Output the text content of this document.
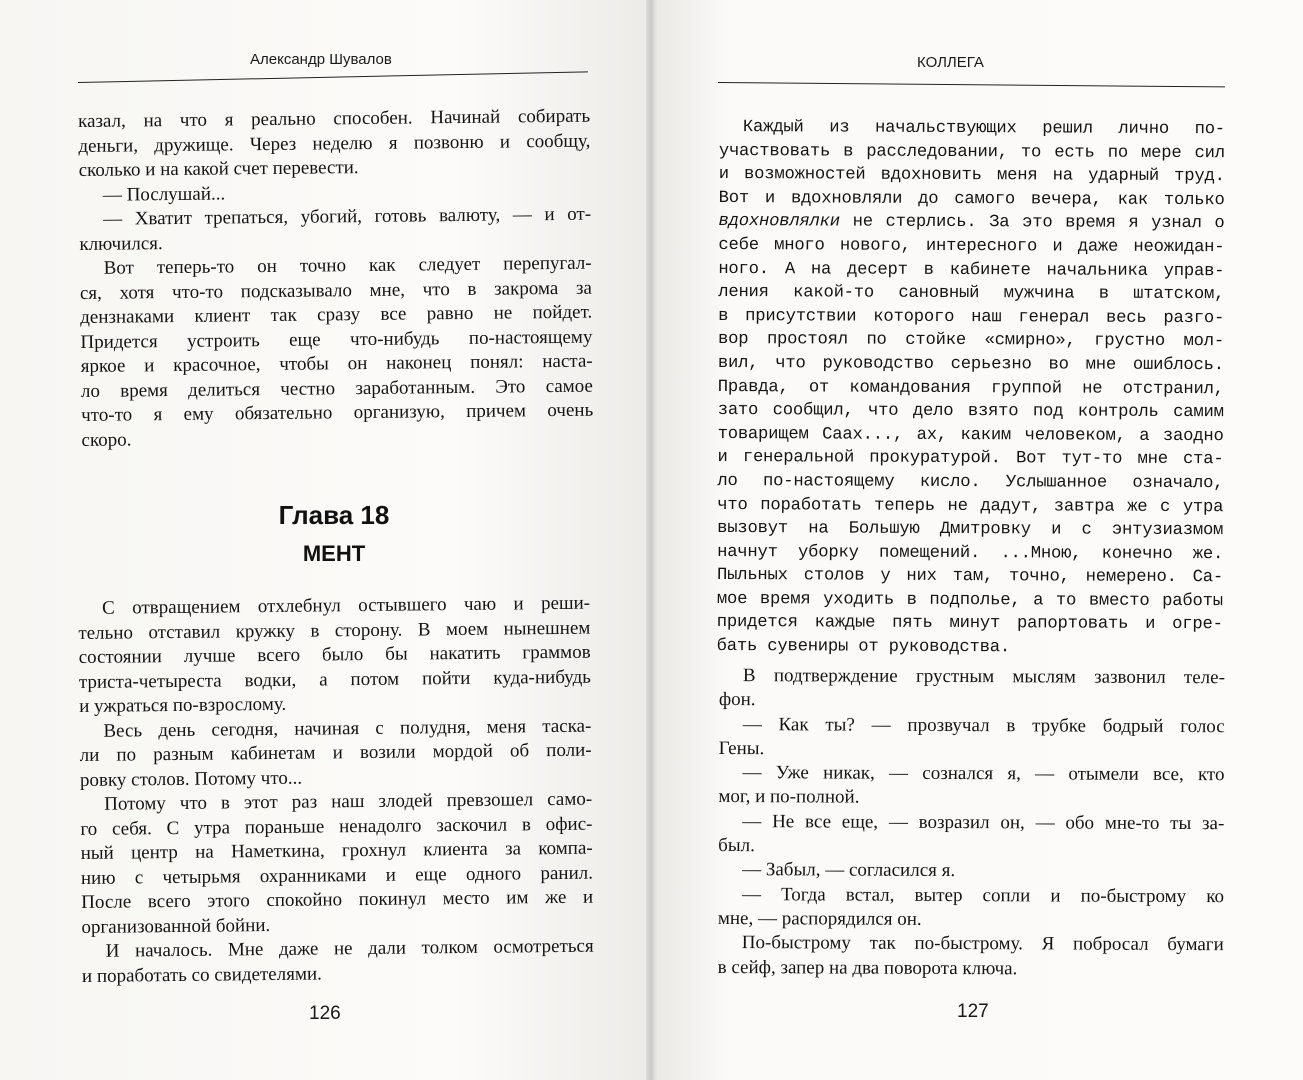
Александр Шувалов	КОЛЛЕГА
казал, на что я реально способен. Начинай собирать
деньги, дружище. Через неделю я позвоню и сообщу,
сколько и на какой счет перевести.
— Послушай...
— Хватит трепаться, убогий, готовь валюту, — и от-
ключился.
Вот теперь-то он точно как следует перепугал-
ся, хотя что-то подсказывало мне, что в закрома за
дензнаками клиент так сразу все равно не пойдет.
Придется устроить еще что-нибудь по-настоящему
яркое и красочное, чтобы он наконец понял: наста-
ло время делиться честно заработанным. Это самое
что-то я ему обязательно организую, причем очень
скоро.
Глава 18
МЕНТ
С отвращением отхлебнул остывшего чаю и реши-
тельно отставил кружку в сторону. В моем нынешнем
состоянии лучше всего было бы накатить граммов
триста-четыреста водки, а потом пойти куда-нибудь
и ужраться по-взрослому.
Весь день сегодня, начиная с полудня, меня таска-
ли по разным кабинетам и возили мордой об поли-
ровку столов. Потому что...
Потому что в этот раз наш злодей превзошел само-
го себя. С утра пораньше ненадолго заскочил в офис-
ный центр на Наметкина, грохнул клиента за компа-
нию с четырьмя охранниками и еще одного ранил.
После всего этого спокойно покинул место им же и
организованной бойни.
И началось. Мне даже не дали толком осмотреться
и поработать со свидетелями.
Каждый из начальствующих решил лично по-
участвовать в расследовании, то есть по мере сил
и возможностей вдохновить меня на ударный труд.
Вот и вдохновляли до самого вечера, как только
вдохновлялки не стерлись. За это время я узнал о
себе много нового, интересного и даже неожидан-
ного. А на десерт в кабинете начальника управ-
ления какой-то сановный мужчина в штатском,
в присутствии которого наш генерал весь разго-
вор простоял по стойке «смирно», грустно мол-
вил, что руководство серьезно во мне ошиблось.
Правда, от командования группой не отстранил,
зато сообщил, что дело взято под контроль самим
товарищем Саах..., ах, каким человеком, а заодно
и генеральной прокуратурой. Вот тут-то мне ста-
ло по-настоящему кисло. Услышанное означало,
что поработать теперь не дадут, завтра же с утра
вызовут на Большую Дмитровку и с энтузиазмом
начнут уборку помещений. ...Мною, конечно же.
Пыльных столов у них там, точно, немерено. Са-
мое время уходить в подполье, а то вместо работы
придется каждые пять минут рапортовать и огре-
бать сувениры от руководства.
В подтверждение грустным мыслям зазвонил теле-
фон.
— Как ты? — прозвучал в трубке бодрый голос
Гены.
— Уже никак, — сознался я, — отымели все, кто
мог, и по-полной.
— Не все еще, — возразил он, — обо мне-то ты за-
был.
— Забыл, — согласился я.
— Тогда встал, вытер сопли и по-быстрому ко
мне, — распорядился он.
По-быстрому так по-быстрому. Я побросал бумаги
в сейф, запер на два поворота ключа.
126	127
